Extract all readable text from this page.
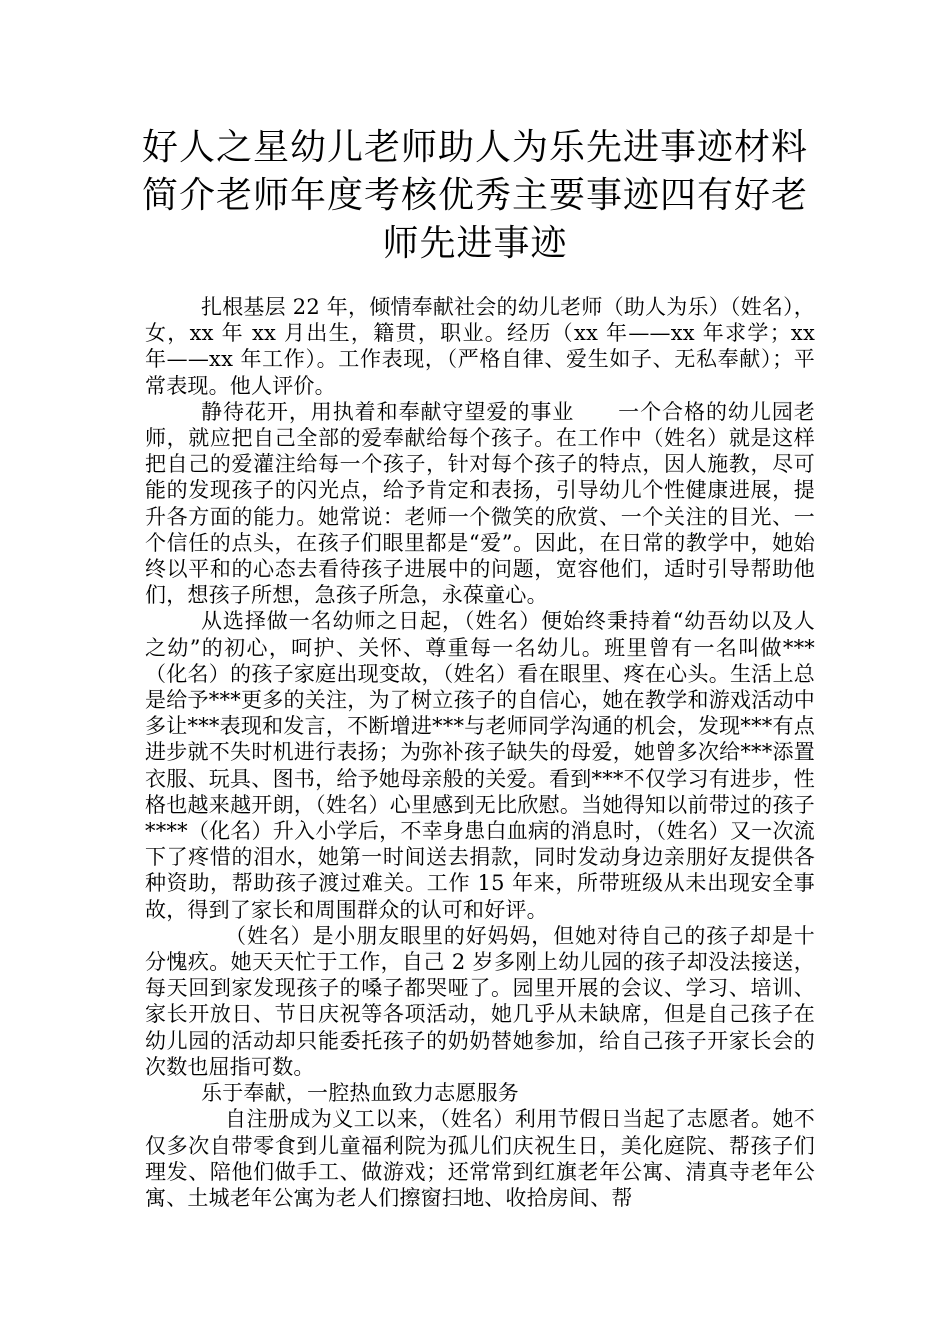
好人之星幼儿老师助人为乐先进事迹材料
简介老师年度考核优秀主要事迹四有好老
师先进事迹

扎根基层 22 年，倾情奉献社会的幼儿老师（助人为乐）（姓名），女，xx 年 xx 月出生，籍贯，职业。经历（xx 年——xx 年求学；xx 年——xx 年工作）。工作表现，（严格自律、爱生如子、无私奉献）；平常表现。他人评价。

静待花开，用执着和奉献守望爱的事业　　一个合格的幼儿园老师，就应把自己全部的爱奉献给每个孩子。在工作中（姓名）就是这样把自己的爱灌注给每一个孩子，针对每个孩子的特点，因人施教，尽可能的发现孩子的闪光点，给予肯定和表扬，引导幼儿个性健康进展，提升各方面的能力。她常说：老师一个微笑的欣赏、一个关注的目光、一个信任的点头，在孩子们眼里都是“爱”。因此，在日常的教学中，她始终以平和的心态去看待孩子进展中的问题，宽容他们，适时引导帮助他们，想孩子所想，急孩子所急，永葆童心。

从选择做一名幼师之日起，（姓名）便始终秉持着“幼吾幼以及人之幼”的初心，呵护、关怀、尊重每一名幼儿。班里曾有一名叫做***（化名）的孩子家庭出现变故，（姓名）看在眼里、疼在心头。生活上总是给予***更多的关注，为了树立孩子的自信心，她在教学和游戏活动中多让***表现和发言，不断增进***与老师同学沟通的机会，发现***有点进步就不失时机进行表扬；为弥补孩子缺失的母爱，她曾多次给***添置衣服、玩具、图书，给予她母亲般的关爱。看到***不仅学习有进步，性格也越来越开朗，（姓名）心里感到无比欣慰。当她得知以前带过的孩子****（化名）升入小学后，不幸身患白血病的消息时，（姓名）又一次流下了疼惜的泪水，她第一时间送去捐款，同时发动身边亲朋好友提供各种资助，帮助孩子渡过难关。工作 15 年来，所带班级从未出现安全事故，得到了家长和周围群众的认可和好评。

（姓名）是小朋友眼里的好妈妈，但她对待自己的孩子却是十分愧疚。她天天忙于工作，自己 2 岁多刚上幼儿园的孩子却没法接送，每天回到家发现孩子的嗓子都哭哑了。园里开展的会议、学习、培训、家长开放日、节日庆祝等各项活动，她几乎从未缺席，但是自己孩子在幼儿园的活动却只能委托孩子的奶奶替她参加，给自己孩子开家长会的次数也屈指可数。

乐于奉献，一腔热血致力志愿服务

自注册成为义工以来，（姓名）利用节假日当起了志愿者。她不仅多次自带零食到儿童福利院为孤儿们庆祝生日，美化庭院、帮孩子们理发、陪他们做手工、做游戏；还常常到红旗老年公寓、清真寺老年公寓、土城老年公寓为老人们擦窗扫地、收拾房间、帮
